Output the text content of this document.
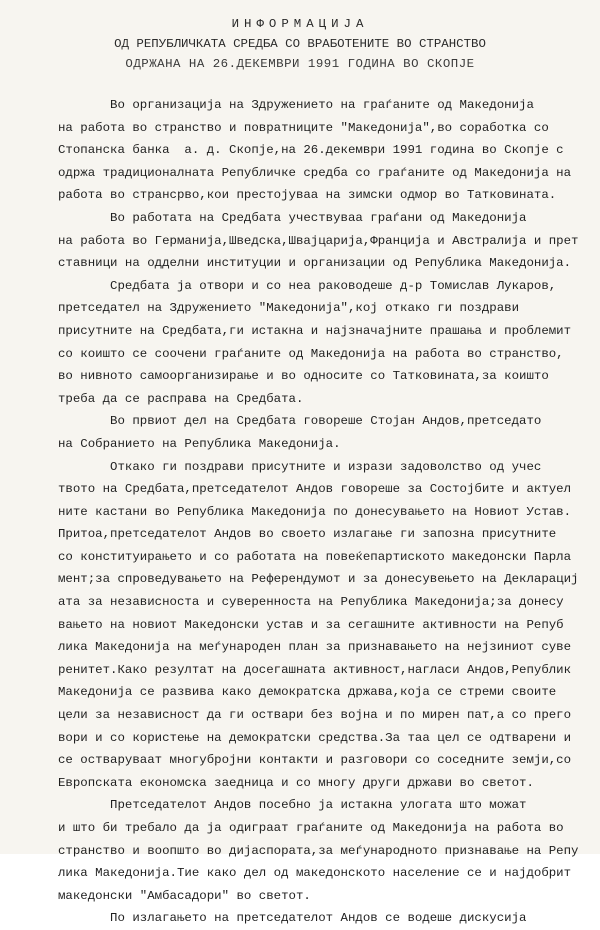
ИНФОРМАЦИЈА
ОД РЕПУБЛИЧКАТА СРЕДБА СО ВРАБОТЕНИТЕ ВО СТРАНСТВО
ОДРЖАНА НА 26.ДЕКЕМВРИ 1991 ГОДИНА ВО СКОПЈЕ
Во организација на Здружението на граѓаните од Македонија
на работа во странство и повратниците "Македонија",во соработка со
Стопанска банка  а. д. Скопје,на 26.декември 1991 година во Скопје с
одржа традиционалната Републичке средба со граѓаните од Македонија на
работа во странсрво,кои престојуваа на зимски одмор во Татковината.
Во работата на Средбата учествуваа граѓани од Македонија
на работа во Германија,Шведска,Швајцарија,Франција и Австралија и прет
ставници на одделни институции и организации од Република Македонија.
Средбата ја отвори и со неа раководеше д-р Томислав Лукаров,
претседател на Здружението "Македонија",кој откако ги поздрави
присутните на Средбата,ги истакна и најзначајните прашања и проблемит
со коишто се соочени граѓаните од Македонија на работа во странство,
во нивното самоорганизирање и во односите со Татковината,за коишто
треба да се расправа на Средбата.
Во првиот дел на Средбата говореше Стојан Андов,претседато
на Собранието на Република Македонија.
Откако ги поздрави присутните и изрази задоволство од учес
твото на Средбата,претседателот Андов говореше за Состојбите и актуел
ните кастани во Република Македонија по донесувањето на Новиот Устав.
Притоа,претседателот Андов во своето излагање ги запозна присутните
со конституирањето и со работата на повеќепартиското македонски Парла
мент;за спроведувањето на Референдумот и за донесувењето на Декларациј
ата за независноста и суверенноста на Република Македонија;за донесу
вањето на новиот Македонски устав и за сегашните активности на Репуб
лика Македонија на меѓународен план за признавањето на нејзиниот суве
ренитет.Како резултат на досегашната активност,нагласи Андов,Републик
Македонија се развива како демократска држава,која се стреми своите
цели за независност да ги оствари без војна и по мирен пат,а со прего
вори и со користење на демократски средства.За таа цел се одтварени и
се остваруваат многубројни контакти и разговори со соседните земји,со
Европската економска заедница и со многу други држави во светот.
Претседателот Андов посебно ја истакна улогата што можат
и што би требало да ја одиграат граѓаните од Македонија на работа во
странство и воопшто во дијаспората,за меѓународното признавање на Репу
лика Македонија.Тие како дел од македонското население се и најдобрит
македонски "Амбасадори" во светот.
По излагањето на претседателот Андов се водеше дискусија
